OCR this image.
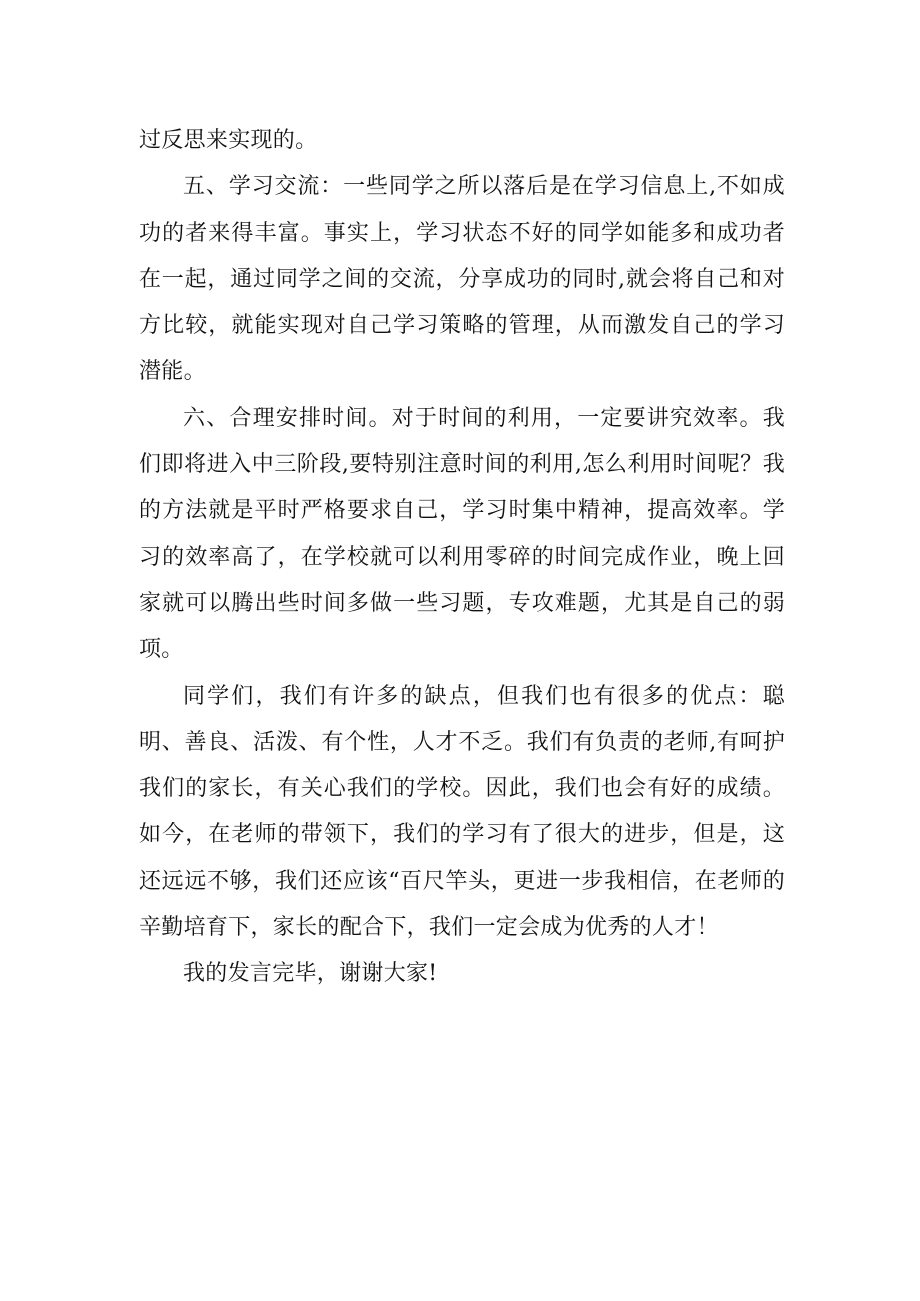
过反思来实现的。

五、学习交流：一些同学之所以落后是在学习信息上,不如成功的者来得丰富。事实上，学习状态不好的同学如能多和成功者在一起，通过同学之间的交流，分享成功的同时,就会将自己和对方比较，就能实现对自己学习策略的管理，从而激发自己的学习潜能。

六、合理安排时间。对于时间的利用，一定要讲究效率。我们即将进入中三阶段,要特别注意时间的利用,怎么利用时间呢？我的方法就是平时严格要求自己，学习时集中精神，提高效率。学习的效率高了，在学校就可以利用零碎的时间完成作业，晚上回家就可以腾出些时间多做一些习题，专攻难题，尤其是自己的弱项。

同学们，我们有许多的缺点，但我们也有很多的优点：聪明、善良、活泼、有个性，人才不乏。我们有负责的老师,有呵护我们的家长，有关心我们的学校。因此，我们也会有好的成绩。如今，在老师的带领下，我们的学习有了很大的进步，但是，这还远远不够，我们还应该“百尺竿头，更进一步我相信，在老师的辛勤培育下，家长的配合下，我们一定会成为优秀的人才！

我的发言完毕，谢谢大家!
